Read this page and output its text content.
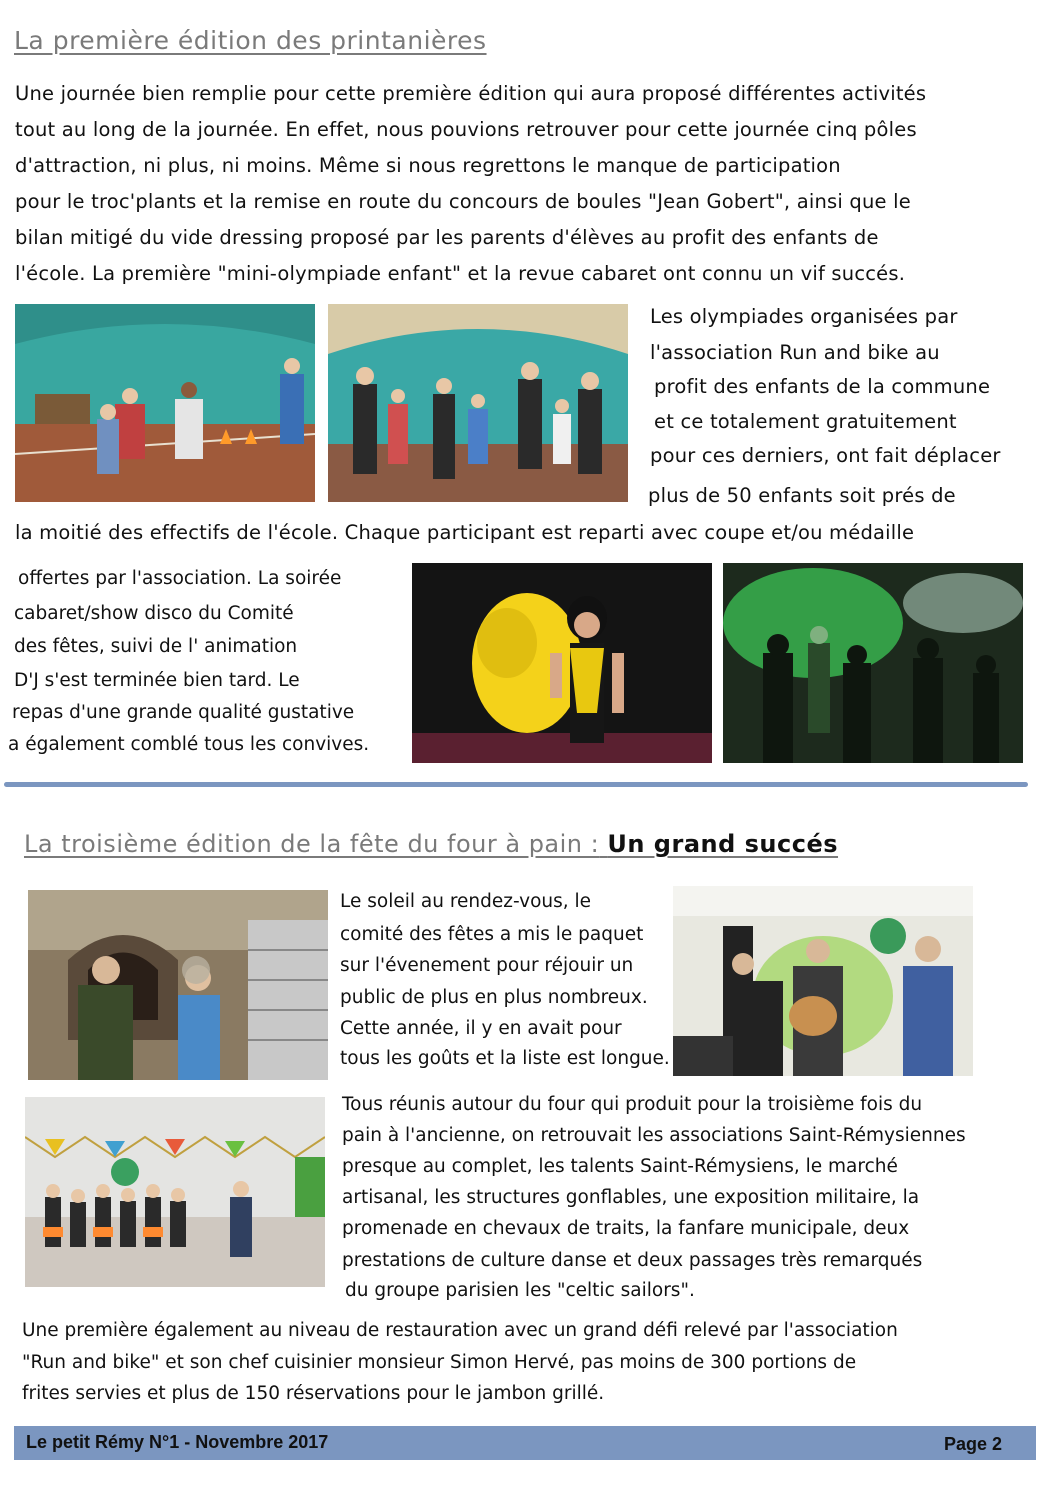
La première édition des printanières
Une journée bien remplie pour cette première édition qui aura proposé différentes activités
tout au long de la journée. En effet, nous pouvions retrouver pour cette journée cinq pôles
d'attraction, ni plus, ni moins. Même si nous regrettons le manque de participation
pour le troc'plants et la remise en route du concours de boules "Jean Gobert", ainsi que le
bilan mitigé du vide dressing proposé par les parents d'élèves au profit des enfants de
l'école. La première "mini-olympiade enfant" et la revue cabaret ont connu un vif succés.
Les olympiades organisées par
l'association Run and bike au
profit des enfants de la commune
et ce totalement gratuitement
pour ces derniers, ont fait déplacer
plus de 50 enfants soit prés de
la moitié des effectifs de l'école. Chaque participant est reparti avec coupe et/ou médaille
offertes par l'association. La soirée
cabaret/show disco du Comité
des fêtes, suivi de l' animation
D'J s'est terminée bien tard. Le
repas d'une grande qualité gustative
a également comblé tous les convives.
La troisième édition de la fête du four à pain : Un grand succés
Le soleil au rendez-vous, le
comité des fêtes a mis le paquet
sur l'évenement pour réjouir un
public de plus en plus nombreux.
Cette année, il y en avait pour
tous les goûts et la liste est longue.
Tous réunis autour du four qui produit pour la troisième fois du
pain à l'ancienne, on retrouvait les associations Saint-Rémysiennes
presque au complet, les talents Saint-Rémysiens, le marché
artisanal, les structures gonflables, une exposition militaire, la
promenade en chevaux de traits, la fanfare municipale, deux
prestations de culture danse et deux passages très remarqués
du groupe parisien les "celtic sailors".
Une première également au niveau de restauration avec un grand défi relevé par l'association
"Run and bike" et son chef cuisinier monsieur Simon Hervé, pas moins de 300 portions de
frites servies et plus de 150 réservations pour le jambon grillé.
Le petit Rémy N°1 - Novembre 2017	Page 2
